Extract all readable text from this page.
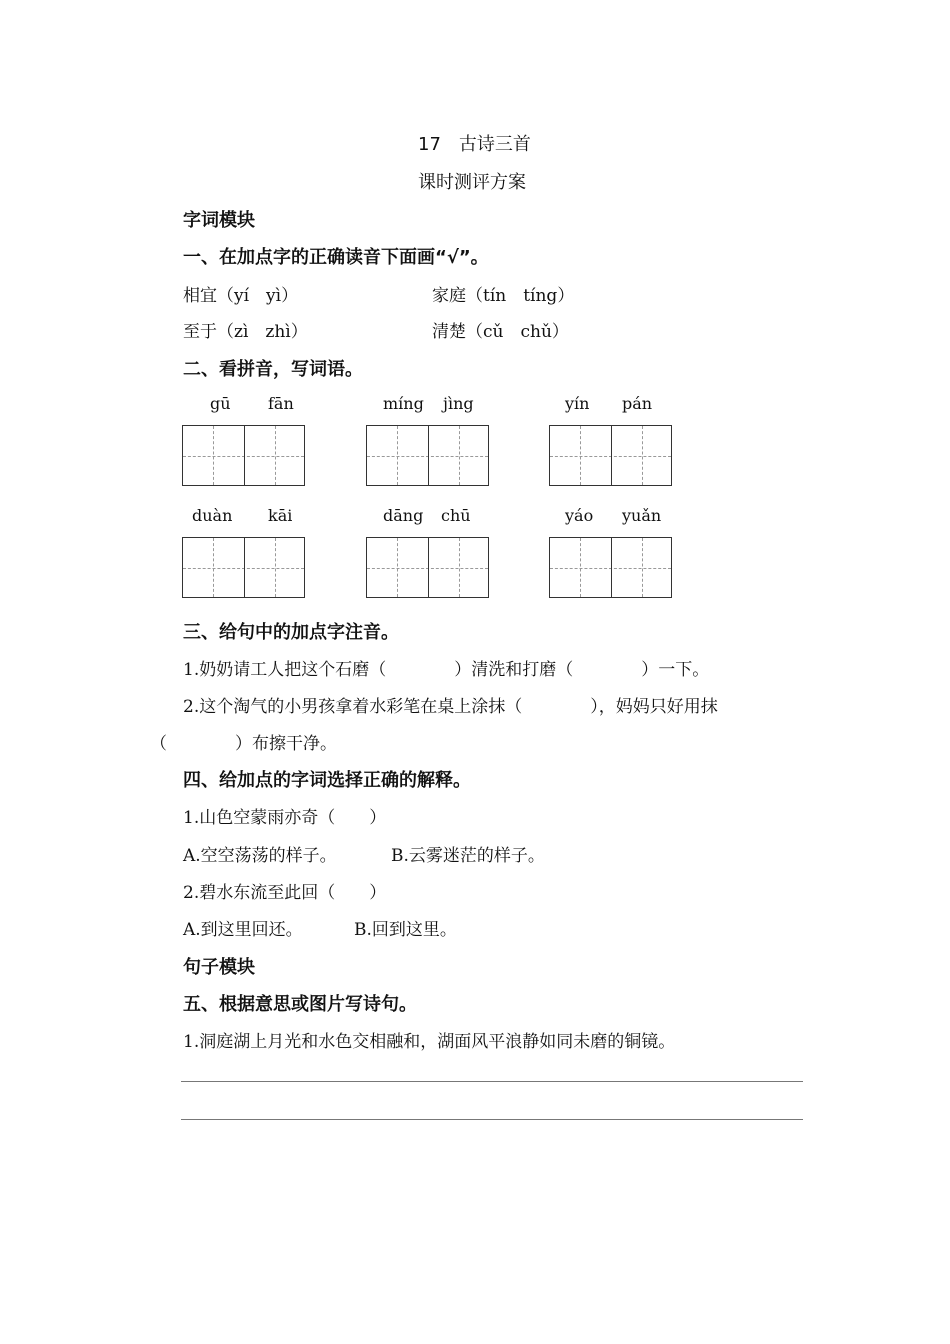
17　古诗三首
课时测评方案
字词模块
一、在加点字的正确读音下面画“√”。
相宜（yí　yì）	家庭（tín　tíng）
至于（zì　zhì）	清楚（cǔ　chǔ）
二、看拼音，写词语。
gū fān	míng jìng	yín pán
duàn kāi	dāng chū	yáo yuǎn
三、给句中的加点字注音。
1.奶奶请工人把这个石磨（　　　　）清洗和打磨（　　　　）一下。
2.这个淘气的小男孩拿着水彩笔在桌上涂抹（　　　　），妈妈只好用抹
（　　　　）布擦干净。
四、给加点的字词选择正确的解释。
1.山色空蒙雨亦奇（　　）
A.空空荡荡的样子。	B.云雾迷茫的样子。
2.碧水东流至此回（　　）
A.到这里回还。	B.回到这里。
句子模块
五、根据意思或图片写诗句。
1.洞庭湖上月光和水色交相融和，湖面风平浪静如同未磨的铜镜。
